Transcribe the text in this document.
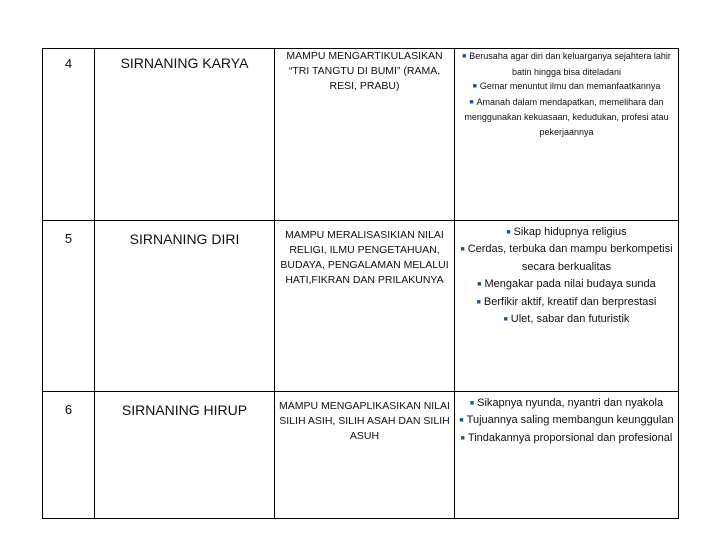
4	SIRNANING KARYA	MAMPU MENGARTIKULASIKAN “TRI TANGTU DI BUMI” (RAMA, RESI, PRABU)	■ Berusaha agar diri dan keluarganya sejahtera lahir batin hingga bisa diteladani
■ Gemar menuntut ilmu dan memanfaatkannya
■ Amanah dalam mendapatkan, memelihara dan menggunakan kekuasaan, kedudukan, profesi atau pekerjaannya

5	SIRNANING DIRI	MAMPU MERALISASIKIAN NILAI RELIGI, ILMU PENGETAHUAN, BUDAYA, PENGALAMAN MELALUI HATI,FIKRAN DAN PRILAKUNYA	■ Sikap hidupnya religius
■ Cerdas, terbuka dan mampu berkompetisi secara berkualitas
■ Mengakar pada nilai budaya sunda
■ Berfikir aktif, kreatif dan berprestasi
■ Ulet, sabar dan futuristik

6	SIRNANING HIRUP	MAMPU MENGAPLIKASIKAN NILAI SILIH ASIH, SILIH ASAH DAN SILIH ASUH	■ Sikapnya nyunda, nyantri dan nyakola
■ Tujuannya saling membangun keunggulan
■ Tindakannya proporsional dan profesional
